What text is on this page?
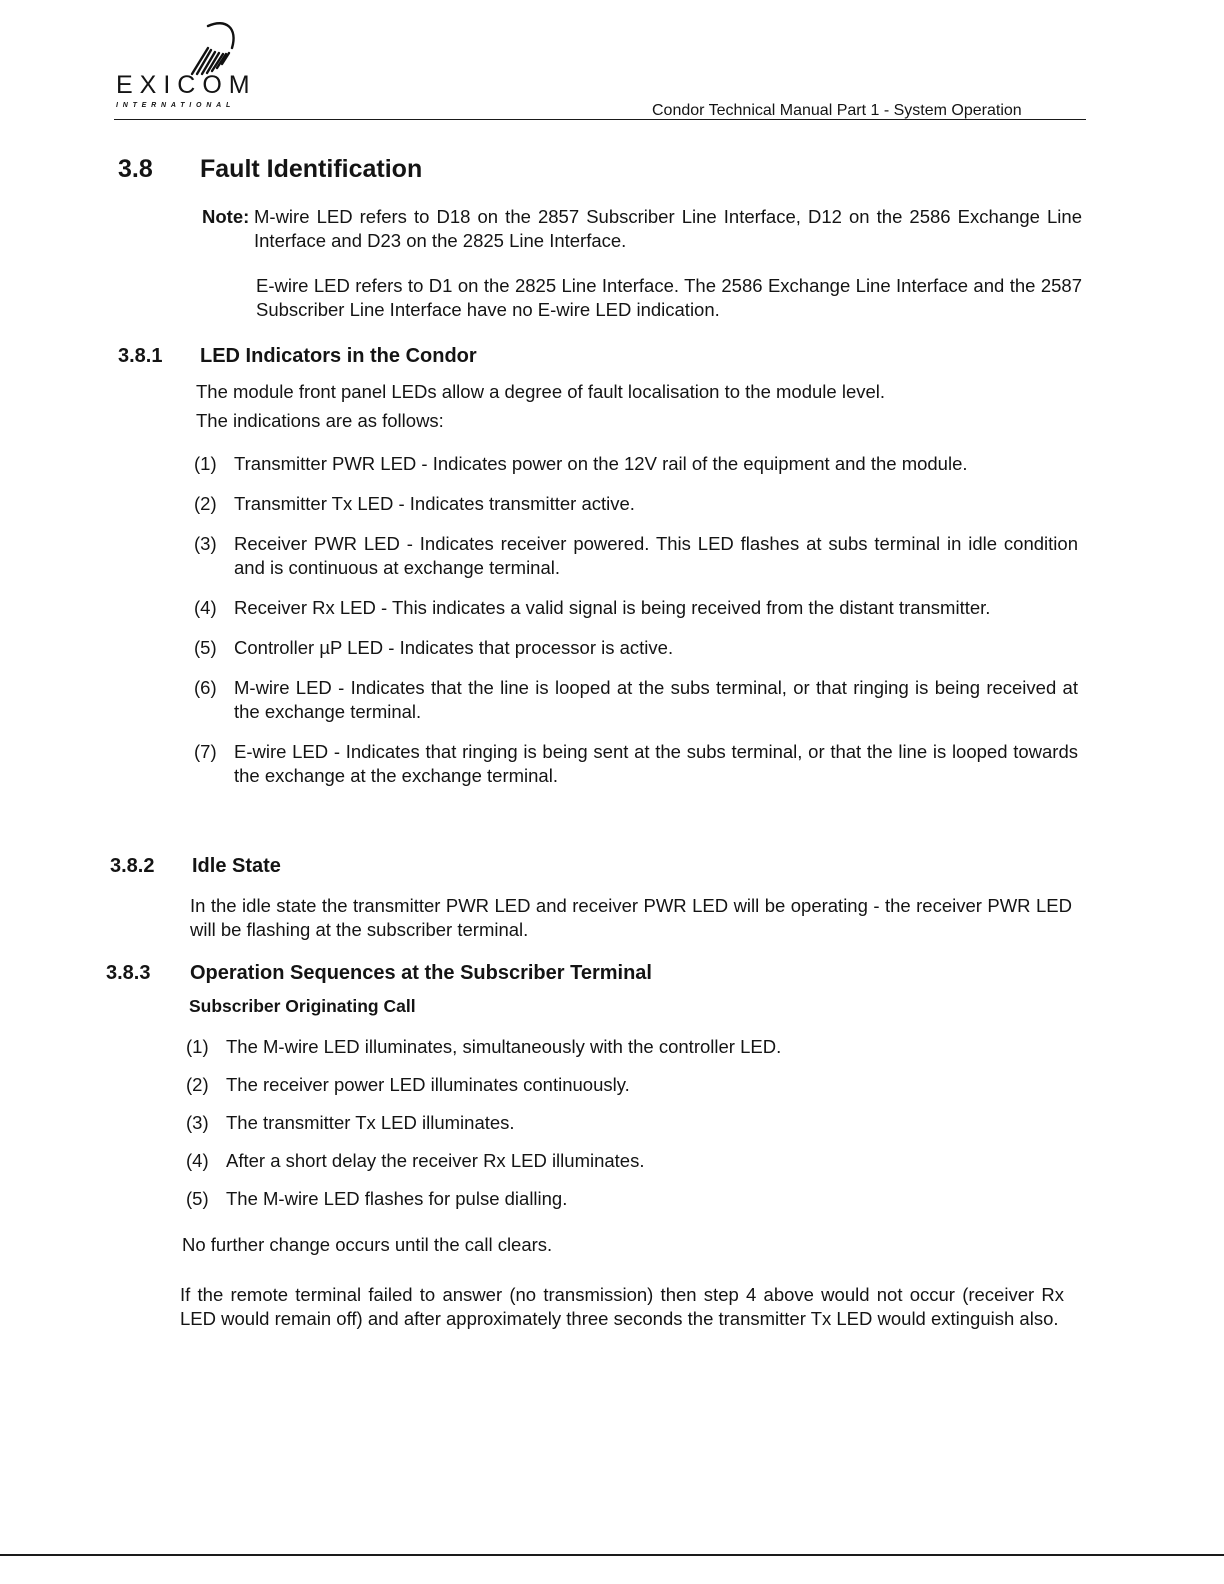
EXICOM
INTERNATIONAL	Condor Technical Manual Part 1 - System Operation
3.8 Fault Identification
Note: M-wire LED refers to D18 on the 2857 Subscriber Line Interface, D12 on the 2586 Exchange Line Interface and D23 on the 2825 Line Interface.
E-wire LED refers to D1 on the 2825 Line Interface. The 2586 Exchange Line Interface and the 2587 Subscriber Line Interface have no E-wire LED indication.
3.8.1 LED Indicators in the Condor
The module front panel LEDs allow a degree of fault localisation to the module level.
The indications are as follows:
(1) Transmitter PWR LED - Indicates power on the 12V rail of the equipment and the module.
(2) Transmitter Tx LED - Indicates transmitter active.
(3) Receiver PWR LED - Indicates receiver powered. This LED flashes at subs terminal in idle condition and is continuous at exchange terminal.
(4) Receiver Rx LED - This indicates a valid signal is being received from the distant transmitter.
(5) Controller µP LED - Indicates that processor is active.
(6) M-wire LED - Indicates that the line is looped at the subs terminal, or that ringing is being received at the exchange terminal.
(7) E-wire LED - Indicates that ringing is being sent at the subs terminal, or that the line is looped towards the exchange at the exchange terminal.
3.8.2 Idle State
In the idle state the transmitter PWR LED and receiver PWR LED will be operating - the receiver PWR LED will be flashing at the subscriber terminal.
3.8.3 Operation Sequences at the Subscriber Terminal
Subscriber Originating Call
(1) The M-wire LED illuminates, simultaneously with the controller LED.
(2) The receiver power LED illuminates continuously.
(3) The transmitter Tx LED illuminates.
(4) After a short delay the receiver Rx LED illuminates.
(5) The M-wire LED flashes for pulse dialling.
No further change occurs until the call clears.
If the remote terminal failed to answer (no transmission) then step 4 above would not occur (receiver Rx LED would remain off) and after approximately three seconds the transmitter Tx LED would extinguish also.
